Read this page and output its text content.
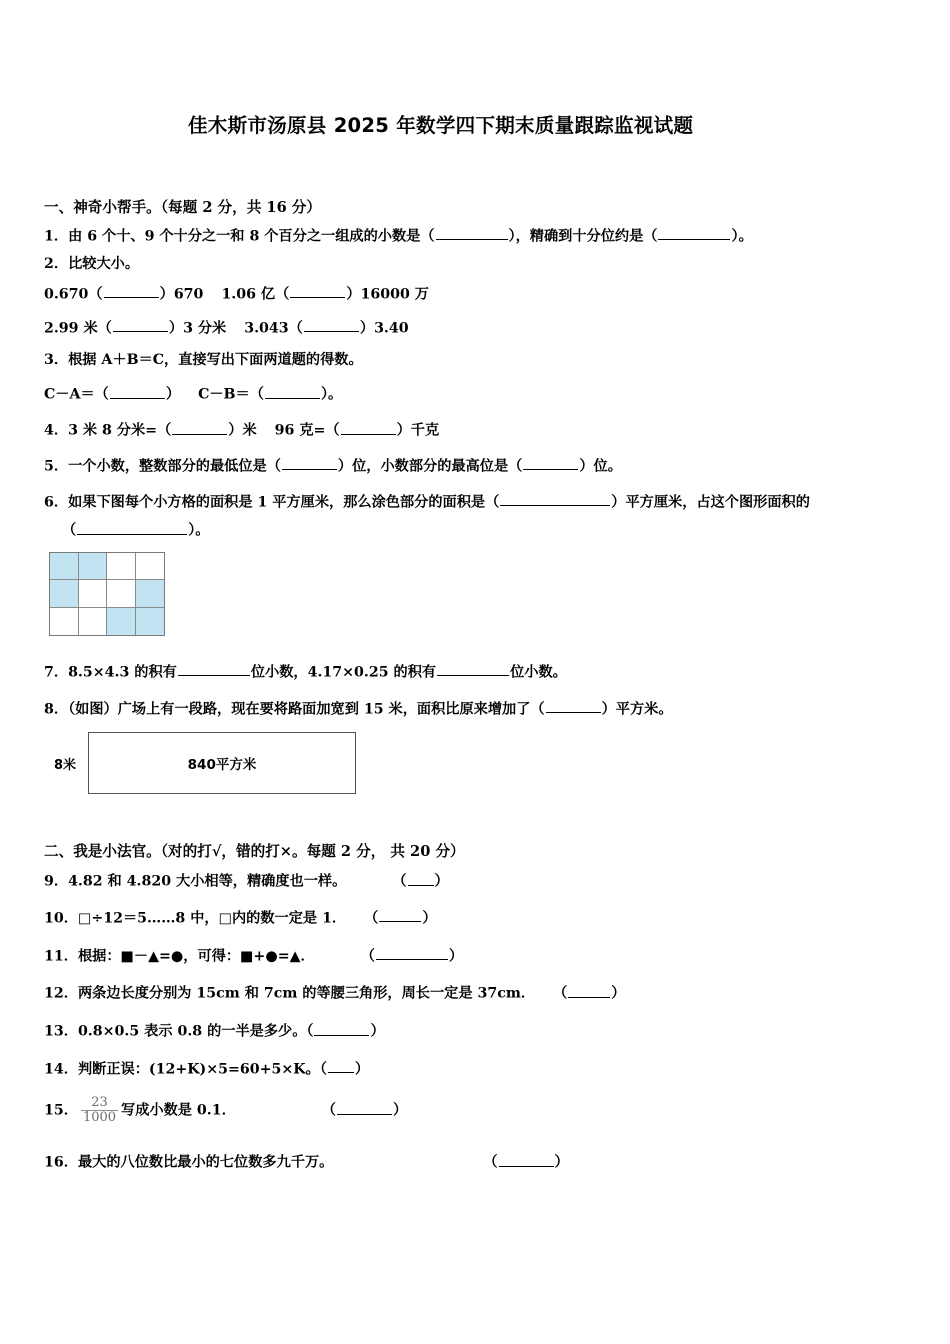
佳木斯市汤原县 2025 年数学四下期末质量跟踪监视试题
一、神奇小帮手。（每题 2 分，共 16 分）
1．由 6 个十、9 个十分之一和 8 个百分之一组成的小数是（	），精确到十分位约是（	）。
2．比较大小。
0.670（	）670 1.06 亿（	）16000 万
2.99 米（	）3 分米 3.043（	）3.40
3．根据 A＋B＝C，直接写出下面两道题的得数。
C－A＝（	） C－B＝（	）。
4．3 米 8 分米=（	）米 96 克=（	）千克
5．一个小数，整数部分的最低位是（	）位，小数部分的最高位是（	）位。
6．如果下图每个小方格的面积是 1 平方厘米，那么涂色部分的面积是（	）平方厘米，占这个图形面积的
（	）。
7．8.5×4.3 的积有	位小数，4.17×0.25 的积有	位小数。
8．（如图）广场上有一段路，现在要将路面加宽到 15 米，面积比原来增加了（	）平方米。
8米	840平方米
二、我是小法官。（对的打√，错的打×。每题 2 分， 共 20 分）
9．4.82 和 4.820 大小相等，精确度也一样。	（ ）
10．□÷12＝5……8 中，□内的数一定是 1． （	）
11．根据：■－▲=●，可得：■+●=▲．	（	）
12．两条边长度分别为 15cm 和 7cm 的等腰三角形，周长一定是 37cm． （	）
13．0.8×0.5 表示 0.8 的一半是多少。（	）
14．判断正误：(12+K)×5=60+5×K。（ ）
15． $\frac{23}{1000}$ 写成小数是 0.1．	（	）
16．最大的八位数比最小的七位数多九千万。	（	）
